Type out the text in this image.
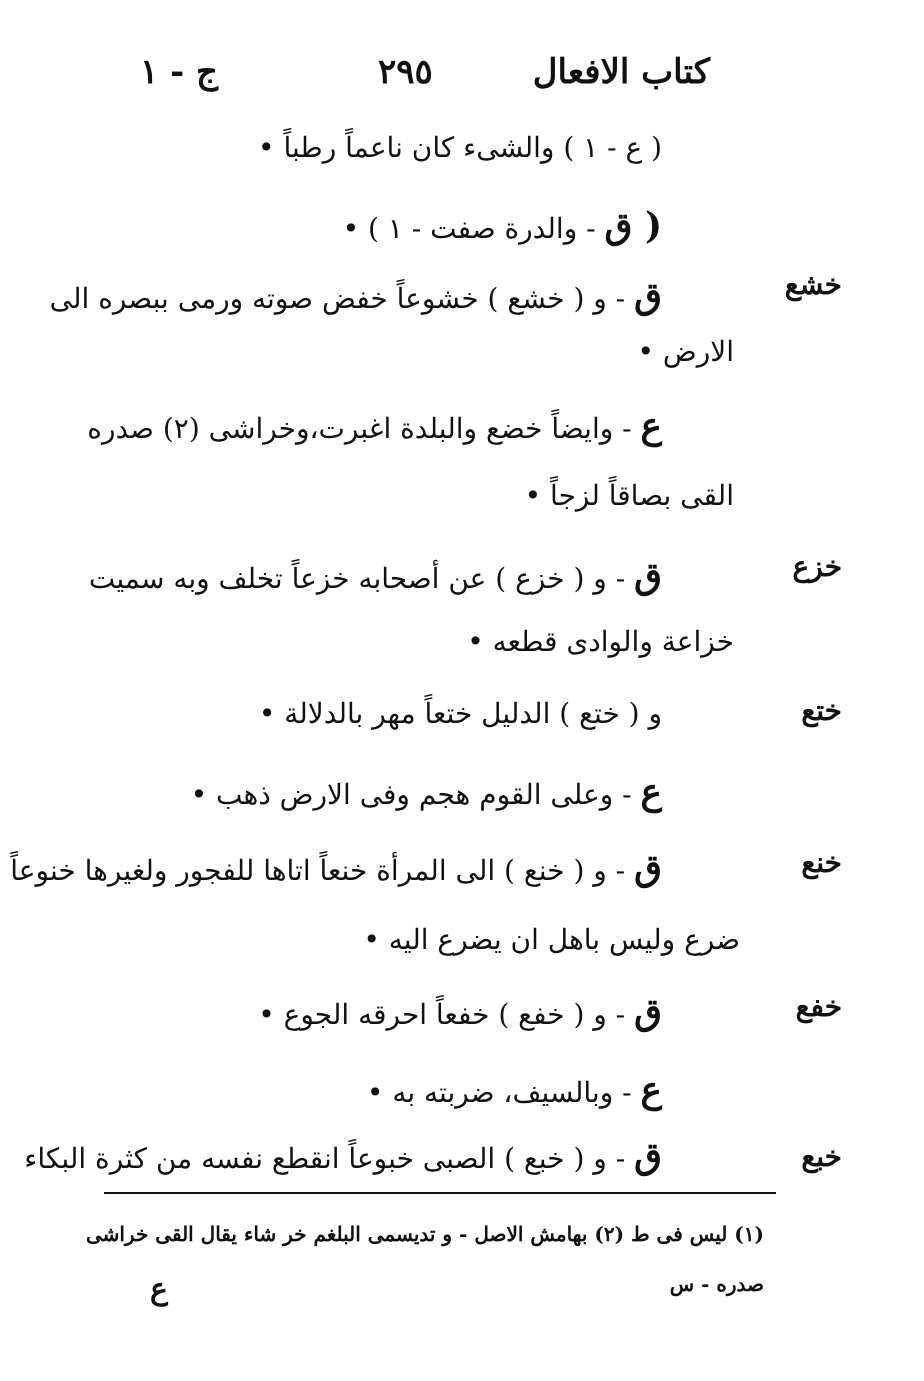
كتاب الافعال
٢٩٥
ج - ١
( ع - ١ ) والشىء كان ناعماً رطباً •
( ق - والدرة صفت - ١ ) •
خشع
ق - و ( خشع ) خشوعاً خفض صوته ورمى ببصره الى
الارض •
ع - وايضاً خضع والبلدة اغبرت،وخراشى (٢) صدره
القى بصاقاً لزجاً •
خزع
ق - و ( خزع ) عن أصحابه خزعاً تخلف وبه سميت
خزاعة والوادى قطعه •
ختع
و ( ختع ) الدليل ختعاً مهر بالدلالة •
ع - وعلى القوم هجم وفى الارض ذهب •
خنع
ق - و ( خنع ) الى المرأة خنعاً اتاها للفجور ولغيرها خنوعاً
ضرع وليس باهل ان يضرع اليه •
خفع
ق - و ( خفع ) خفعاً احرقه الجوع •
ع - وبالسيف، ضربته به •
خبع
ق - و ( خبع ) الصبى خبوعاً انقطع نفسه من كثرة البكاء
(١) ليس فى ط (٢) بهامش الاصل - و تديسمى البلغم خر شاء يقال القى خراشى
صدره - س
ع
